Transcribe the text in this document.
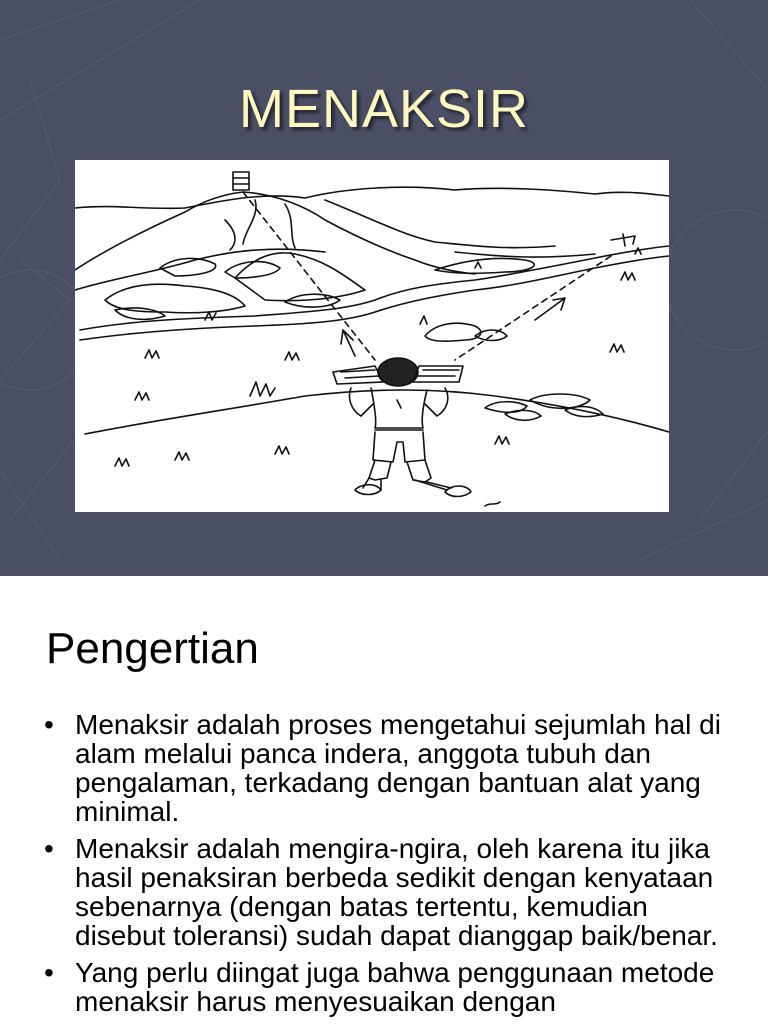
MENAKSIR
Pengertian
• Menaksir adalah proses mengetahui sejumlah hal di alam melalui panca indera, anggota tubuh dan pengalaman, terkadang dengan bantuan alat yang minimal.
• Menaksir adalah mengira-ngira, oleh karena itu jika hasil penaksiran berbeda sedikit dengan kenyataan sebenarnya (dengan batas tertentu, kemudian disebut toleransi) sudah dapat dianggap baik/benar.
• Yang perlu diingat juga bahwa penggunaan metode menaksir harus menyesuaikan dengan
